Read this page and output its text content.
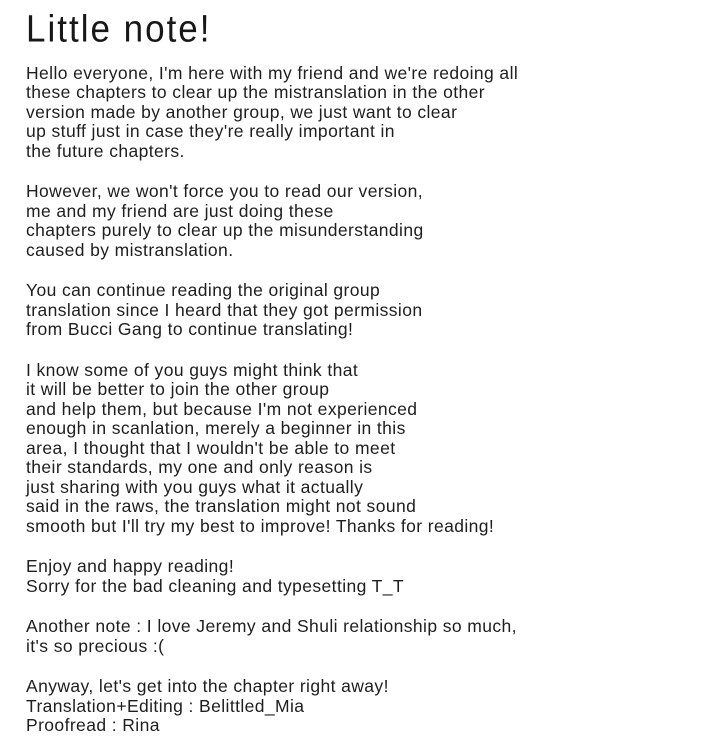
Little note!
Hello everyone, I'm here with my friend and we're redoing all
these chapters to clear up the mistranslation in the other
version made by another group, we just want to clear
up stuff just in case they're really important in
the future chapters.
However, we won't force you to read our version,
me and my friend are just doing these
chapters purely to clear up the misunderstanding
caused by mistranslation.
You can continue reading the original group
translation since I heard that they got permission
from Bucci Gang to continue translating!
I know some of you guys might think that
it will be better to join the other group
and help them, but because I'm not experienced
enough in scanlation, merely a beginner in this
area, I thought that I wouldn't be able to meet
their standards, my one and only reason is
just sharing with you guys what it actually
said in the raws, the translation might not sound
smooth but I'll try my best to improve! Thanks for reading!
Enjoy and happy reading!
Sorry for the bad cleaning and typesetting T_T
Another note : I love Jeremy and Shuli relationship so much,
it's so precious :(
Anyway, let's get into the chapter right away!
Translation+Editing : Belittled_Mia
Proofread : Rina
